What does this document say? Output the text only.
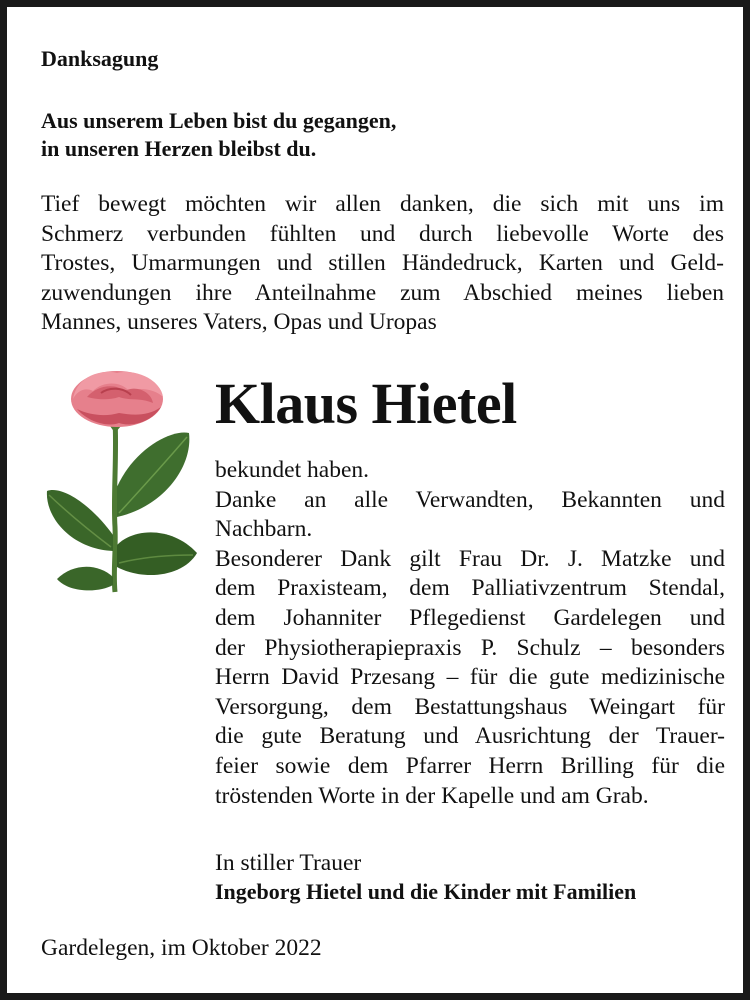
Danksagung
Aus unserem Leben bist du gegangen,
in unseren Herzen bleibst du.
Tief bewegt möchten wir allen danken, die sich mit uns im
Schmerz verbunden fühlten und durch liebevolle Worte des
Trostes, Umarmungen und stillen Händedruck, Karten und Geld-
zuwendungen ihre Anteilnahme zum Abschied meines lieben
Mannes, unseres Vaters, Opas und Uropas
Klaus Hietel
bekundet haben.
Danke an alle Verwandten, Bekannten und
Nachbarn.
Besonderer Dank gilt Frau Dr. J. Matzke und
dem Praxisteam, dem Palliativzentrum Stendal,
dem Johanniter Pflegedienst Gardelegen und
der Physiotherapiepraxis P. Schulz – besonders
Herrn David Przesang – für die gute medizinische
Versorgung, dem Bestattungshaus Weingart für
die gute Beratung und Ausrichtung der Trauer-
feier sowie dem Pfarrer Herrn Brilling für die
tröstenden Worte in der Kapelle und am Grab.
In stiller Trauer
Ingeborg Hietel und die Kinder mit Familien
Gardelegen, im Oktober 2022
